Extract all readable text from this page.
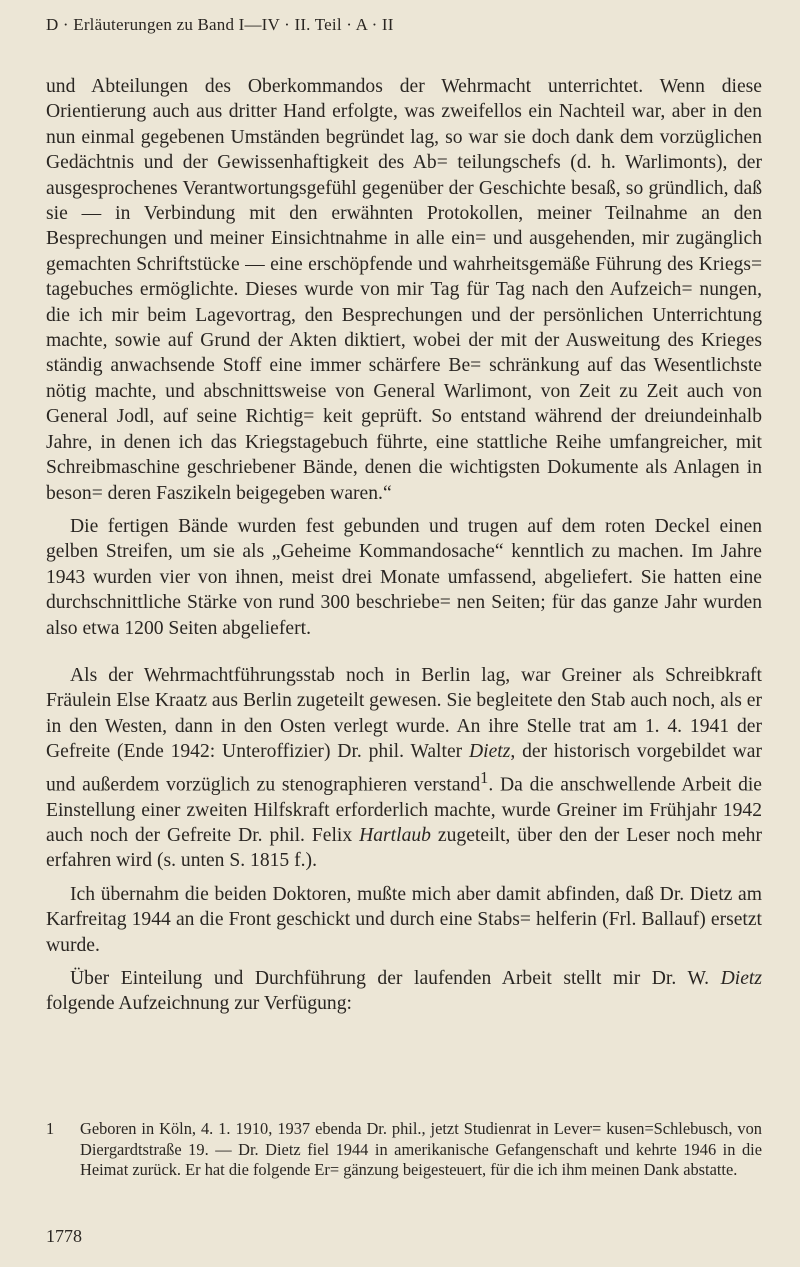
D · Erläuterungen zu Band I—IV · II. Teil · A · II

und Abteilungen des Oberkommandos der Wehrmacht unterrichtet. Wenn diese Orientierung auch aus dritter Hand erfolgte, was zweifellos ein Nachteil war, aber in den nun einmal gegebenen Umständen begründet lag, so war sie doch dank dem vorzüglichen Gedächtnis und der Gewissenhaftigkeit des Ab= teilungschefs (d. h. Warlimonts), der ausgesprochenes Verantwortungsgefühl gegenüber der Geschichte besaß, so gründlich, daß sie — in Verbindung mit den erwähnten Protokollen, meiner Teilnahme an den Besprechungen und meiner Einsichtnahme in alle ein= und ausgehenden, mir zugänglich gemachten Schriftstücke — eine erschöpfende und wahrheitsgemäße Führung des Kriegs= tagebuches ermöglichte. Dieses wurde von mir Tag für Tag nach den Aufzeich= nungen, die ich mir beim Lagevortrag, den Besprechungen und der persönlichen Unterrichtung machte, sowie auf Grund der Akten diktiert, wobei der mit der Ausweitung des Krieges ständig anwachsende Stoff eine immer schärfere Be= schränkung auf das Wesentlichste nötig machte, und abschnittsweise von General Warlimont, von Zeit zu Zeit auch von General Jodl, auf seine Richtig= keit geprüft. So entstand während der dreiundeinhalb Jahre, in denen ich das Kriegstagebuch führte, eine stattliche Reihe umfangreicher, mit Schreibmaschine geschriebener Bände, denen die wichtigsten Dokumente als Anlagen in beson= deren Faszikeln beigegeben waren.“

Die fertigen Bände wurden fest gebunden und trugen auf dem roten Deckel einen gelben Streifen, um sie als „Geheime Kommandosache“ kenntlich zu machen. Im Jahre 1943 wurden vier von ihnen, meist drei Monate umfassend, abgeliefert. Sie hatten eine durchschnittliche Stärke von rund 300 beschriebe= nen Seiten; für das ganze Jahr wurden also etwa 1200 Seiten abgeliefert.

Als der Wehrmachtführungsstab noch in Berlin lag, war Greiner als Schreibkraft Fräulein Else Kraatz aus Berlin zugeteilt gewesen. Sie begleitete den Stab auch noch, als er in den Westen, dann in den Osten verlegt wurde. An ihre Stelle trat am 1. 4. 1941 der Gefreite (Ende 1942: Unteroffizier) Dr. phil. Walter Dietz, der historisch vorgebildet war und außerdem vorzüglich zu stenographieren verstand$^1$. Da die anschwellende Arbeit die Einstellung einer zweiten Hilfskraft erforderlich machte, wurde Greiner im Frühjahr 1942 auch noch der Gefreite Dr. phil. Felix Hartlaub zugeteilt, über den der Leser noch mehr erfahren wird (s. unten S. 1815 f.).

Ich übernahm die beiden Doktoren, mußte mich aber damit abfinden, daß Dr. Dietz am Karfreitag 1944 an die Front geschickt und durch eine Stabs= helferin (Frl. Ballauf) ersetzt wurde.

Über Einteilung und Durchführung der laufenden Arbeit stellt mir Dr. W. Dietz folgende Aufzeichnung zur Verfügung:

1 Geboren in Köln, 4. 1. 1910, 1937 ebenda Dr. phil., jetzt Studienrat in Lever= kusen=Schlebusch, von Diergardtstraße 19. — Dr. Dietz fiel 1944 in amerikanische Gefangenschaft und kehrte 1946 in die Heimat zurück. Er hat die folgende Er= gänzung beigesteuert, für die ich ihm meinen Dank abstatte.
1778
